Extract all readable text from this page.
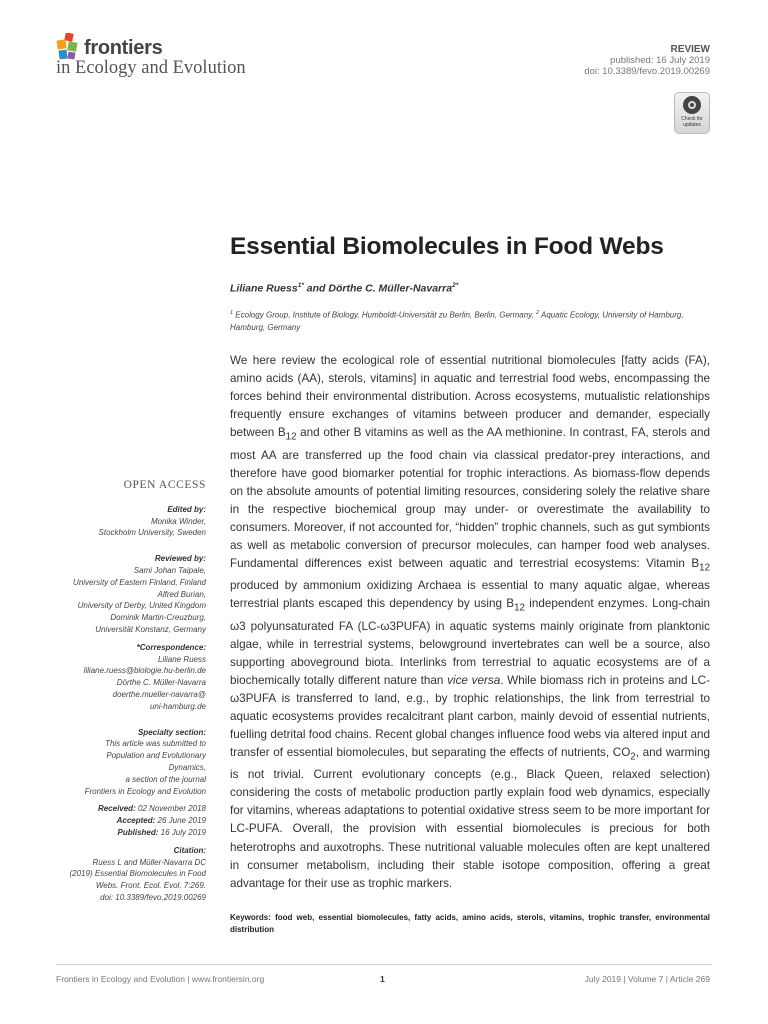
frontiers
in Ecology and Evolution
REVIEW
published: 16 July 2019
doi: 10.3389/fevo.2019.00269
Check for
updates
Essential Biomolecules in Food Webs
Liliane Ruess$^{1*}$ and Dörthe C. Müller-Navarra$^{2*}$
$^1$ Ecology Group, Institute of Biology, Humboldt-Universität zu Berlin, Berlin, Germany, $^2$ Aquatic Ecology, University of Hamburg, Hamburg, Germany

We here review the ecological role of essential nutritional biomolecules [fatty acids (FA), amino acids (AA), sterols, vitamins] in aquatic and terrestrial food webs, encompassing the forces behind their environmental distribution. Across ecosystems, mutualistic relationships frequently ensure exchanges of vitamins between producer and demander, especially between $B_{12}$ and other B vitamins as well as the AA methionine. In contrast, FA, sterols and most AA are transferred up the food chain via classical predator-prey interactions, and therefore have good biomarker potential for trophic interactions. As biomass-flow depends on the absolute amounts of potential limiting resources, considering solely the relative share in the respective biochemical group may under- or overestimate the availability to consumers. Moreover, if not accounted for, “hidden” trophic channels, such as gut symbionts as well as metabolic conversion of precursor molecules, can hamper food web analyses. Fundamental differences exist between aquatic and terrestrial ecosystems: Vitamin $B_{12}$ produced by ammonium oxidizing Archaea is essential to many aquatic algae, whereas terrestrial plants escaped this dependency by using $B_{12}$ independent enzymes. Long-chain ω3 polyunsaturated FA (LC-ω3PUFA) in aquatic systems mainly originate from planktonic algae, while in terrestrial systems, belowground invertebrates can well be a source, also supporting aboveground biota. Interlinks from terrestrial to aquatic ecosystems are of a biochemically totally different nature than vice versa. While biomass rich in proteins and LC-ω3PUFA is transferred to land, e.g., by trophic relationships, the link from terrestrial to aquatic ecosystems provides recalcitrant plant carbon, mainly devoid of essential nutrients, fuelling detrital food chains. Recent global changes influence food webs via altered input and transfer of essential biomolecules, but separating the effects of nutrients, $CO_2$, and warming is not trivial. Current evolutionary concepts (e.g., Black Queen, relaxed selection) considering the costs of metabolic production partly explain food web dynamics, especially for vitamins, whereas adaptations to potential oxidative stress seem to be more important for LC-PUFA. Overall, the provision with essential biomolecules is precious for both heterotrophs and auxotrophs. These nutritional valuable molecules often are kept unaltered in consumer metabolism, including their stable isotope composition, offering a great advantage for their use as trophic markers.

Keywords: food web, essential biomolecules, fatty acids, amino acids, sterols, vitamins, trophic transfer, environmental distribution
OPEN ACCESS
Edited by:
Monika Winder,
Stockholm University, Sweden
Reviewed by:
Sami Johan Taipale,
University of Eastern Finland, Finland
Alfred Burian,
University of Derby, United Kingdom
Dominik Martin-Creuzburg,
Universität Konstanz, Germany
*Correspondence:
Liliane Ruess
liliane.ruess@biologie.hu-berlin.de
Dörthe C. Müller-Navarra
doerthe.mueller-navarra@
uni-hamburg.de
Specialty section:
This article was submitted to
Population and Evolutionary
Dynamics,
a section of the journal
Frontiers in Ecology and Evolution
Received: 02 November 2018
Accepted: 26 June 2019
Published: 16 July 2019
Citation:
Ruess L and Müller-Navarra DC
(2019) Essential Biomolecules in Food
Webs. Front. Ecol. Evol. 7:269.
doi: 10.3389/fevo.2019.00269
Frontiers in Ecology and Evolution | www.frontiersin.org	1	July 2019 | Volume 7 | Article 269
